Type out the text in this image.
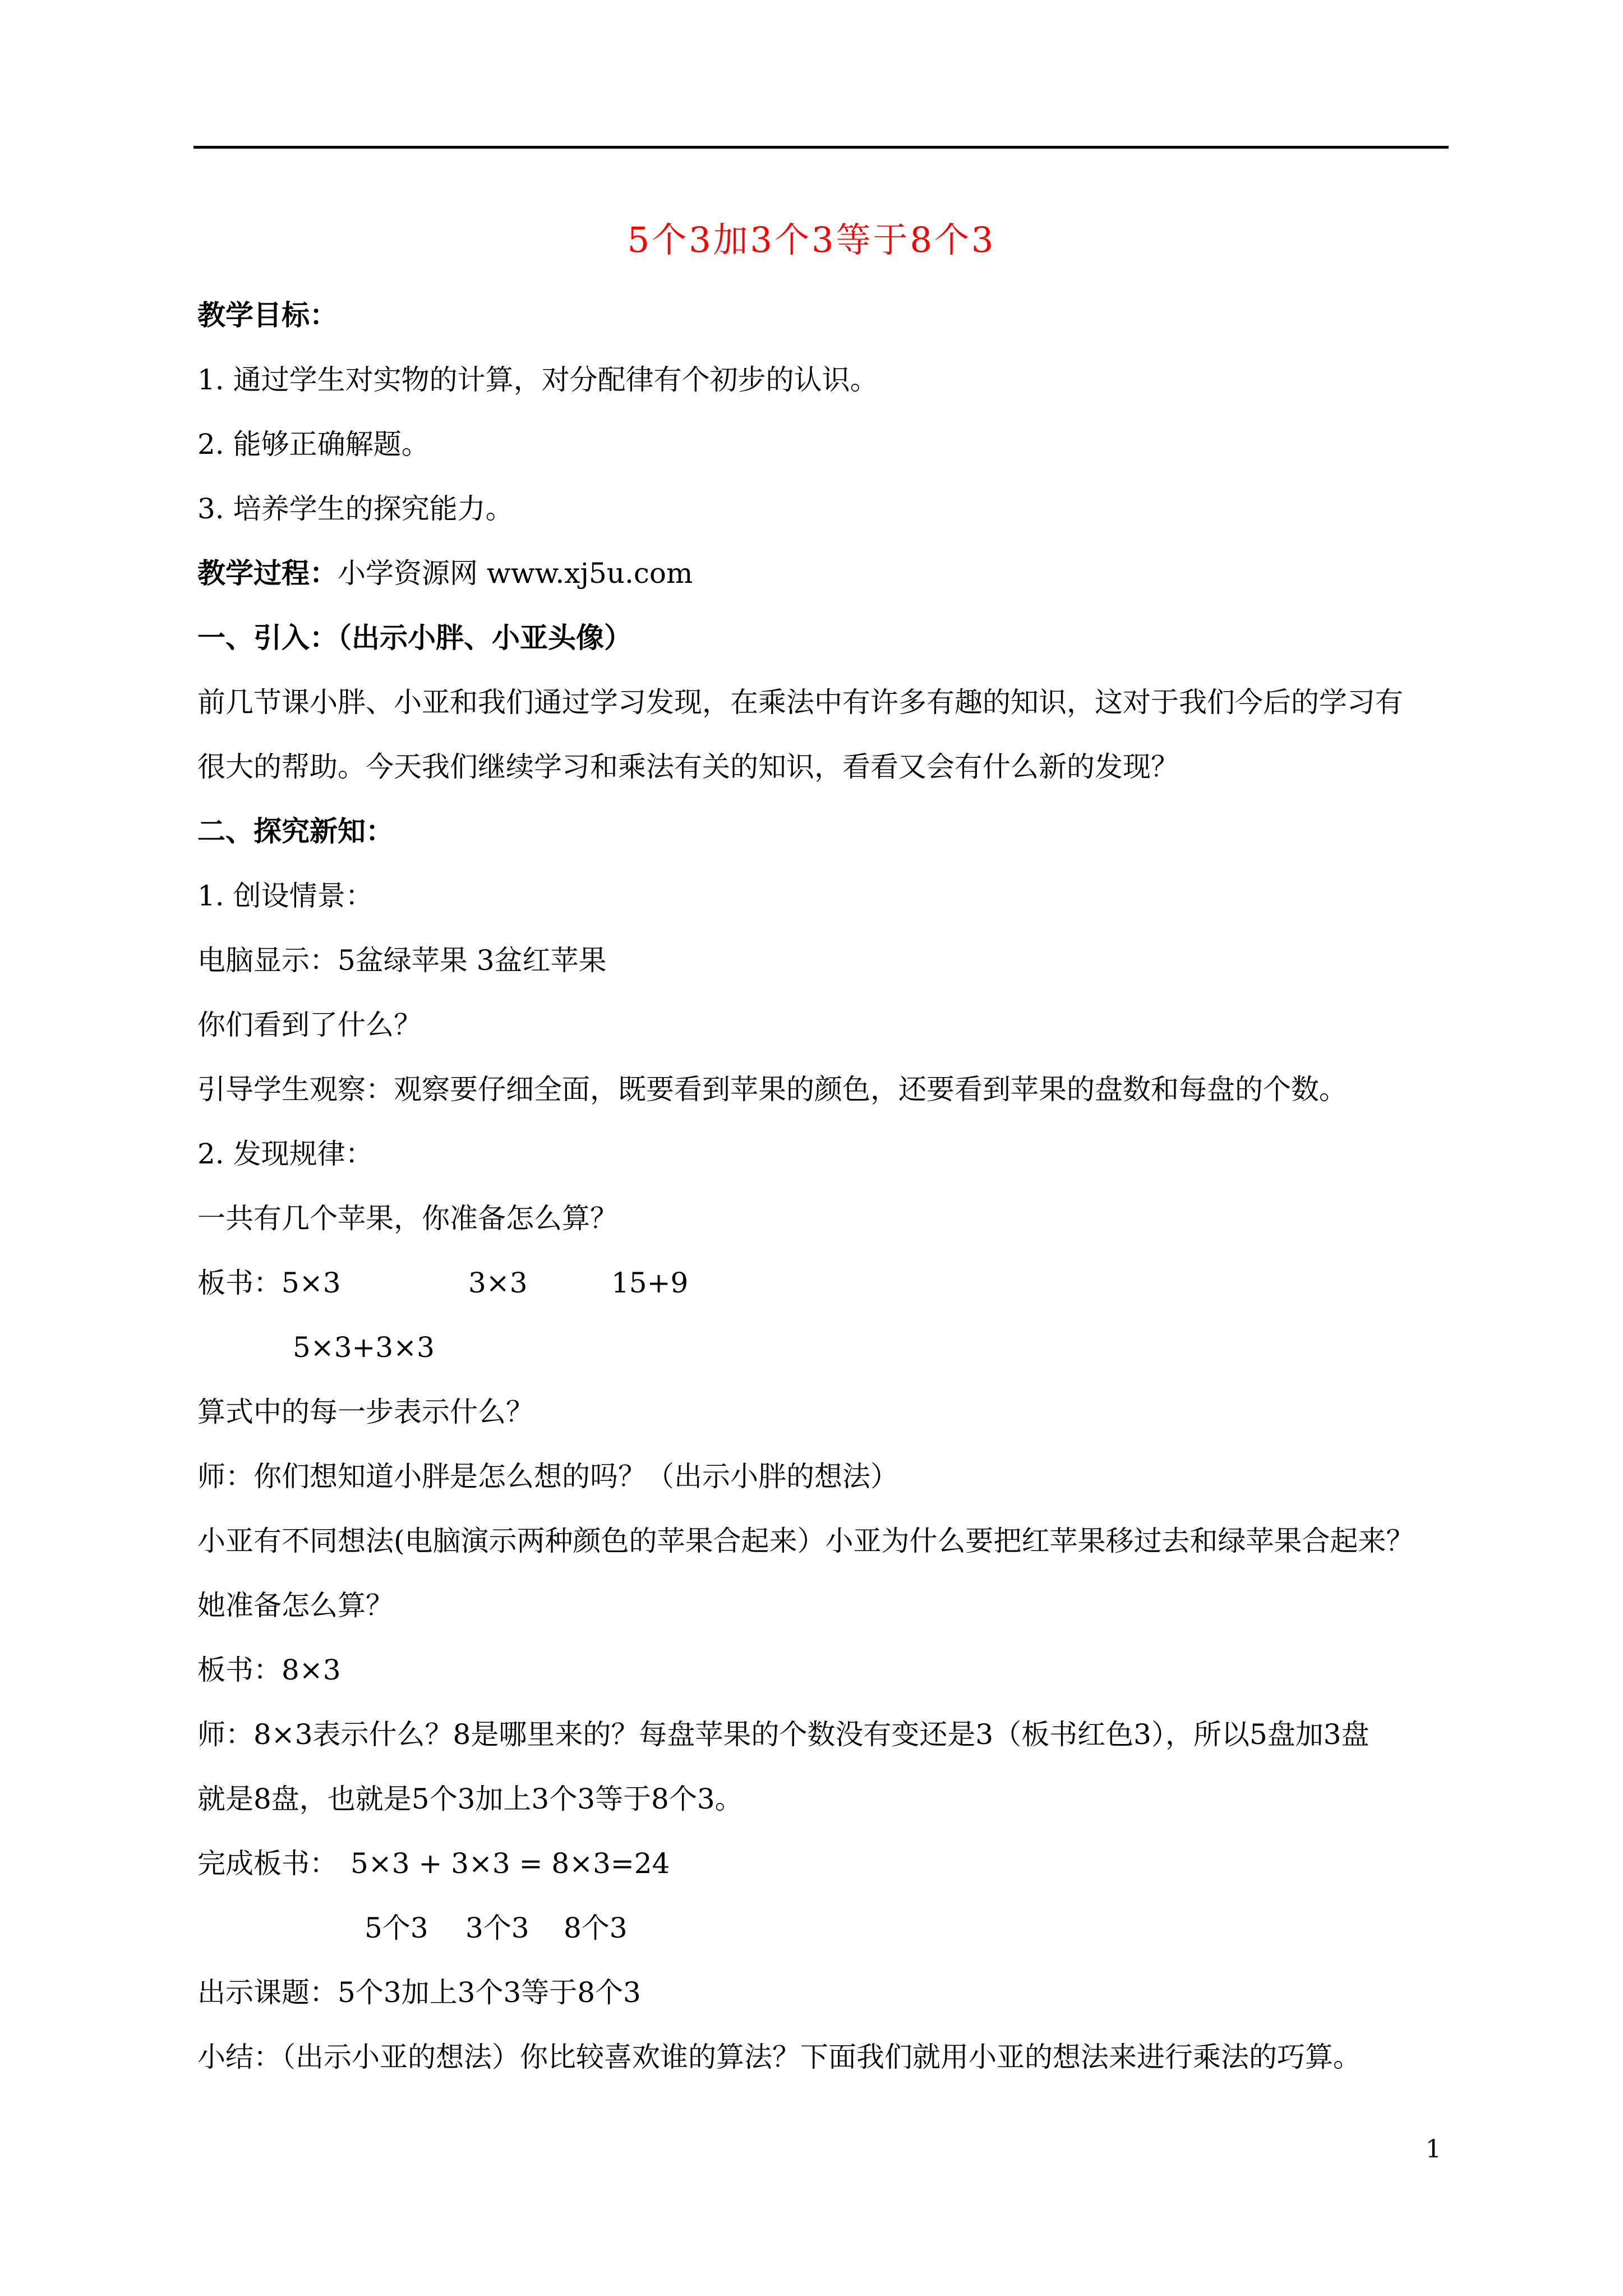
5个3加3个3等于8个3
教学目标：
1. 通过学生对实物的计算，对分配律有个初步的认识。
2. 能够正确解题。
3. 培养学生的探究能力。
教学过程：小学资源网 www.xj5u.com
一、引入：（出示小胖、小亚头像）
前几节课小胖、小亚和我们通过学习发现，在乘法中有许多有趣的知识，这对于我们今后的学习有
很大的帮助。今天我们继续学习和乘法有关的知识，看看又会有什么新的发现？
二、探究新知：
1. 创设情景：
电脑显示：5盆绿苹果 3盆红苹果
你们看到了什么？
引导学生观察：观察要仔细全面，既要看到苹果的颜色，还要看到苹果的盘数和每盘的个数。
2. 发现规律：
一共有几个苹果，你准备怎么算？
板书：5×3	3×3	15+9
5×3+3×3
算式中的每一步表示什么？
师：你们想知道小胖是怎么想的吗？（出示小胖的想法）
小亚有不同想法(电脑演示两种颜色的苹果合起来）小亚为什么要把红苹果移过去和绿苹果合起来？
她准备怎么算？
板书：8×3
师：8×3表示什么？8是哪里来的？每盘苹果的个数没有变还是3（板书红色3），所以5盘加3盘
就是8盘，也就是5个3加上3个3等于8个3。
完成板书： 5×3 + 3×3 = 8×3=24
5个3 3个3 8个3
出示课题：5个3加上3个3等于8个3
小结：（出示小亚的想法）你比较喜欢谁的算法？下面我们就用小亚的想法来进行乘法的巧算。
1
